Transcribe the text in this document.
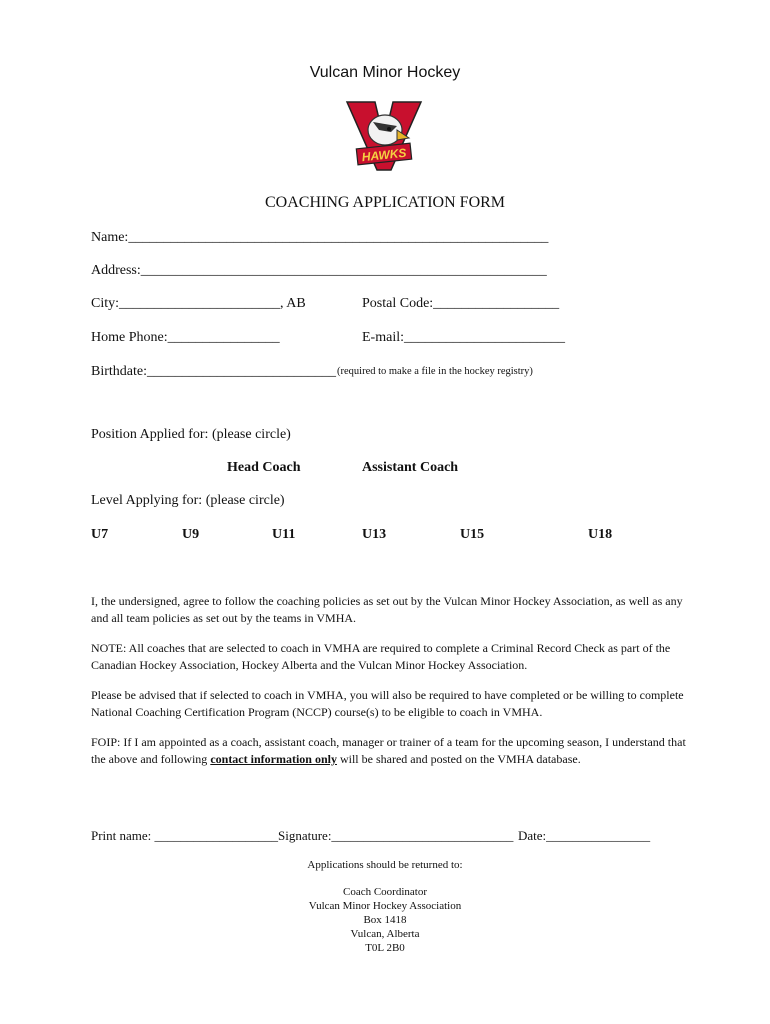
Vulcan Minor Hockey
HAWKS
COACHING APPLICATION FORM
Name:____________________________________________________________
Address:__________________________________________________________
City:_______________________, AB	Postal Code:__________________
Home Phone:________________	E-mail:_______________________
Birthdate:___________________________ (required to make a file in the hockey registry)
Position Applied for: (please circle)
Head Coach	Assistant Coach
Level Applying for: (please circle)
U7	U9	U11	U13	U15	U18
I, the undersigned, agree to follow the coaching policies as set out by the Vulcan Minor Hockey Association, as well as any and all team policies as set out by the teams in VMHA.
NOTE: All coaches that are selected to coach in VMHA are required to complete a Criminal Record Check as part of the Canadian Hockey Association, Hockey Alberta and the Vulcan Minor Hockey Association.
Please be advised that if selected to coach in VMHA, you will also be required to have completed or be willing to complete National Coaching Certification Program (NCCP) course(s) to be eligible to coach in VMHA.
FOIP: If I am appointed as a coach, assistant coach, manager or trainer of a team for the upcoming season, I understand that the above and following contact information only will be shared and posted on the VMHA database.
Print name: ___________________ Signature:____________________________ Date:________________
Applications should be returned to:
Coach Coordinator
Vulcan Minor Hockey Association
Box 1418
Vulcan, Alberta
T0L 2B0
